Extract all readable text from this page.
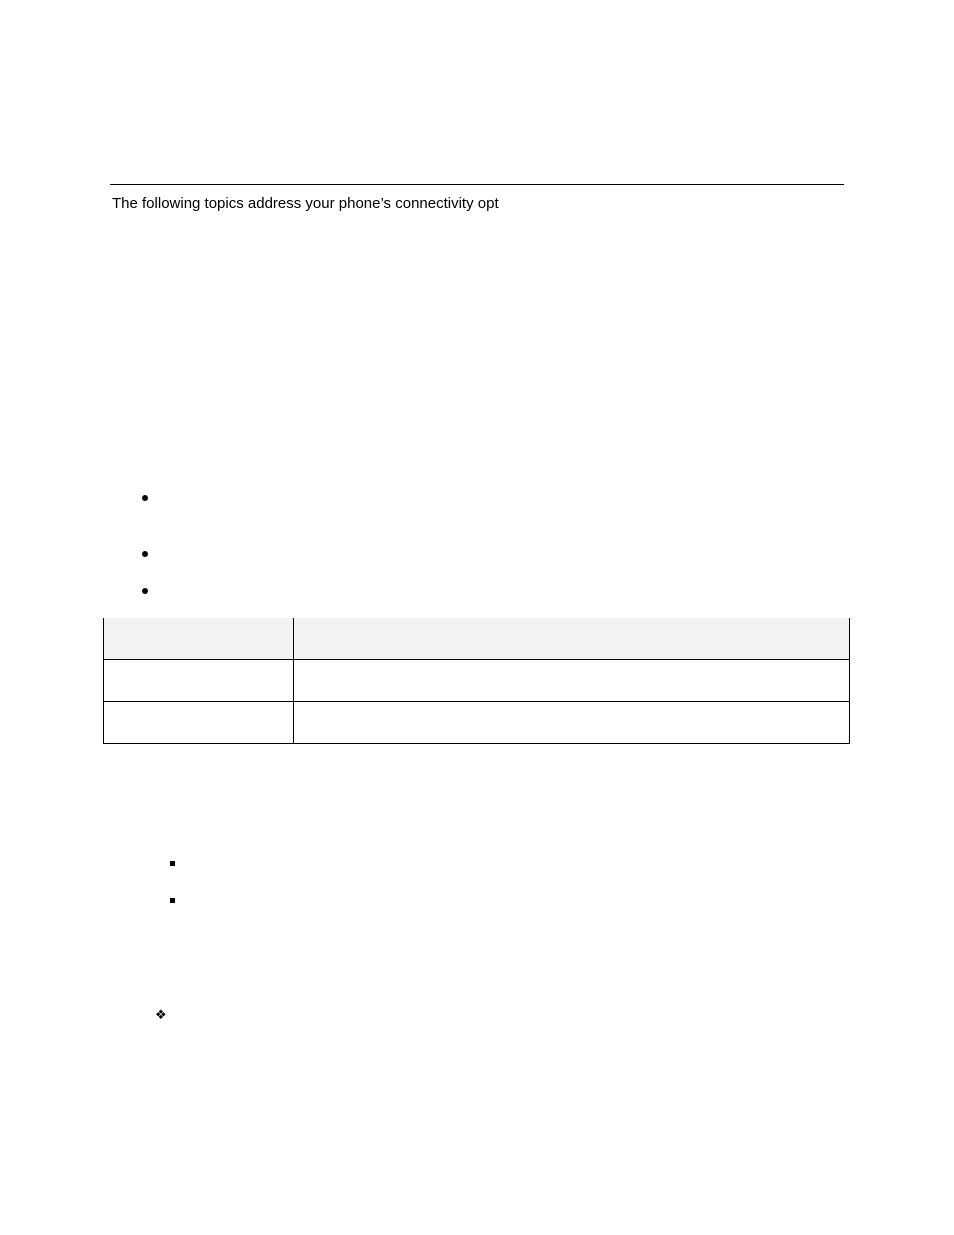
The following topics address your phone’s connectivity opt

❖
